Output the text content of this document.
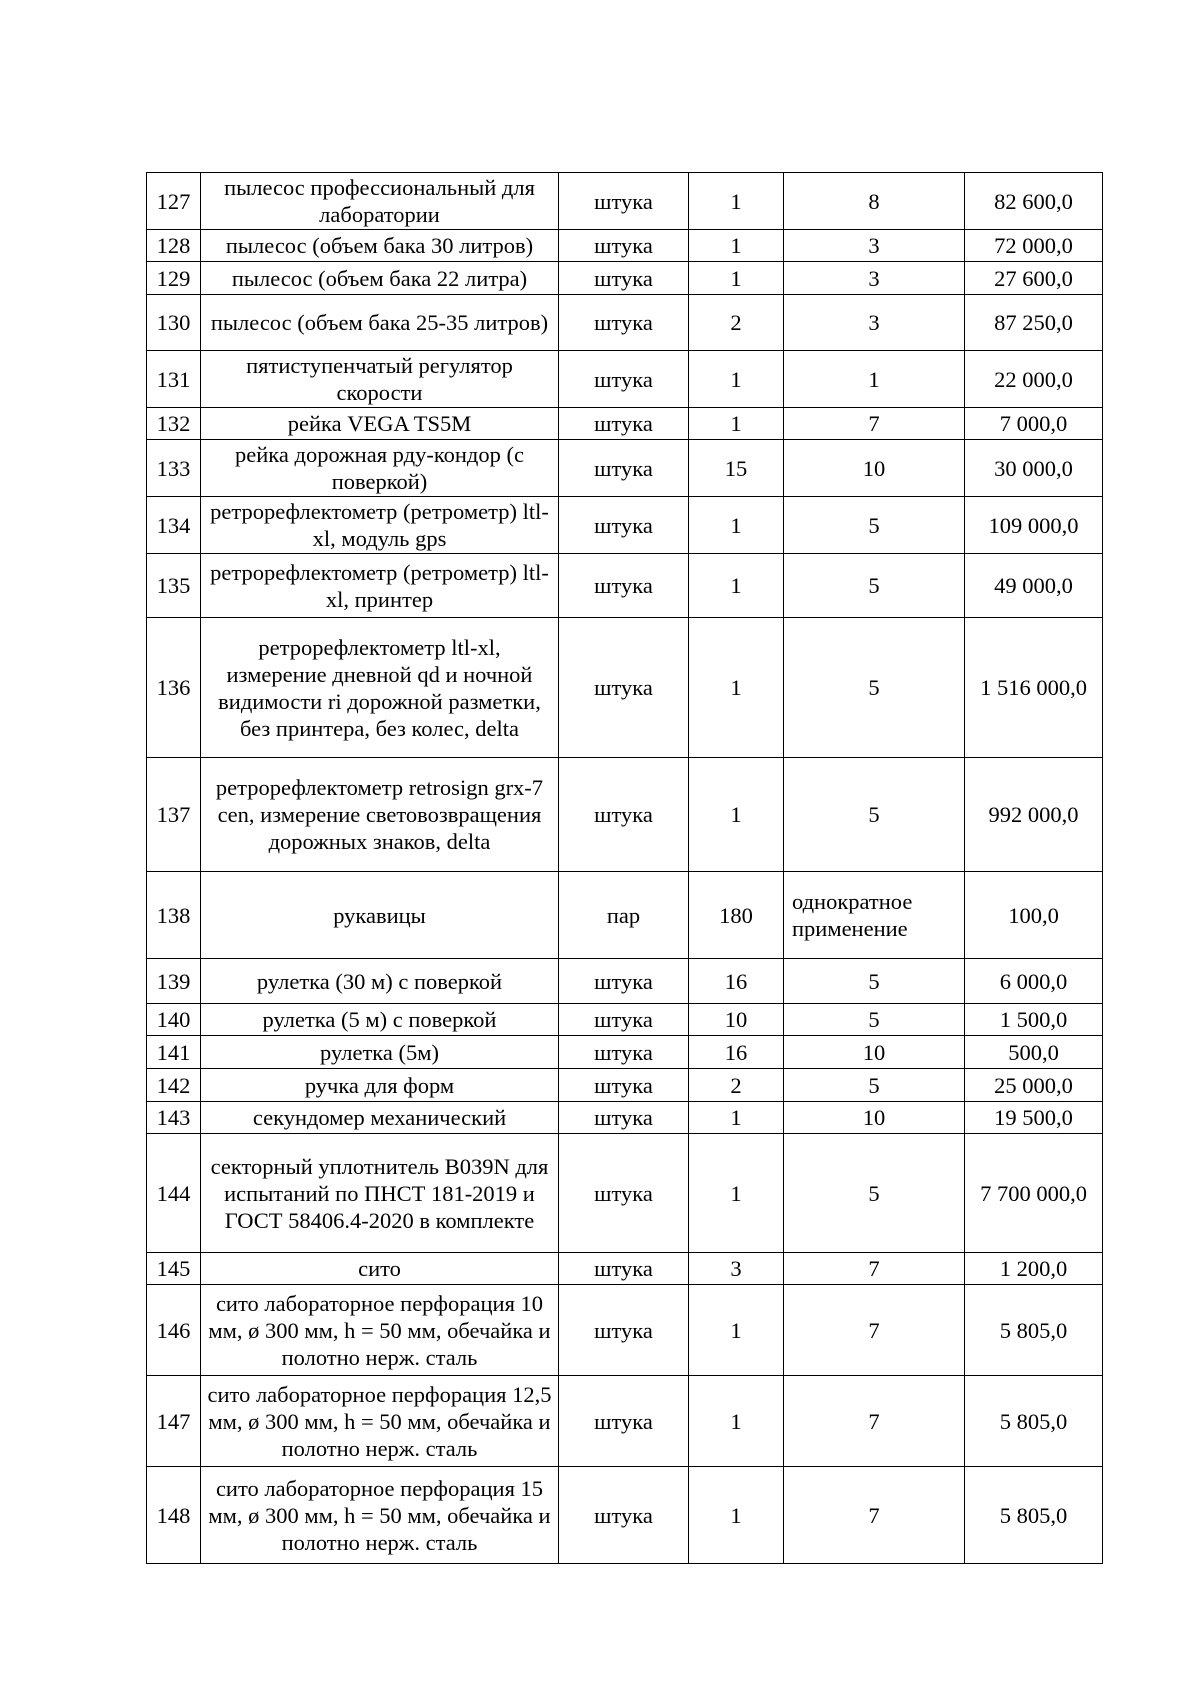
127	пылесос профессиональный для лаборатории	штука	1	8	82 600,0
128	пылесос (объем бака 30 литров)	штука	1	3	72 000,0
129	пылесос (объем бака 22 литра)	штука	1	3	27 600,0
130	пылесос (объем бака 25-35 литров)	штука	2	3	87 250,0
131	пятиступенчатый регулятор скорости	штука	1	1	22 000,0
132	рейка VEGA TS5M	штука	1	7	7 000,0
133	рейка дорожная рду-кондор (с поверкой)	штука	15	10	30 000,0
134	ретрорефлектометр (ретрометр) ltl-xl, модуль gps	штука	1	5	109 000,0
135	ретрорефлектометр (ретрометр) ltl-xl, принтер	штука	1	5	49 000,0
136	ретрорефлектометр ltl-xl, измерение дневной qd и ночной видимости ri дорожной разметки, без принтера, без колес, delta	штука	1	5	1 516 000,0
137	ретрорефлектометр retrosign grx-7 cen, измерение световозвращения дорожных знаков, delta	штука	1	5	992 000,0
138	рукавицы	пар	180	однократное применение	100,0
139	рулетка (30 м) с поверкой	штука	16	5	6 000,0
140	рулетка (5 м) с поверкой	штука	10	5	1 500,0
141	рулетка (5м)	штука	16	10	500,0
142	ручка для форм	штука	2	5	25 000,0
143	секундомер механический	штука	1	10	19 500,0
144	секторный уплотнитель B039N для испытаний по ПНСТ 181-2019 и ГОСТ 58406.4-2020 в комплекте	штука	1	5	7 700 000,0
145	сито	штука	3	7	1 200,0
146	сито лабораторное перфорация 10 мм, ø 300 мм, h = 50 мм, обечайка и полотно нерж. сталь	штука	1	7	5 805,0
147	сито лабораторное перфорация 12,5 мм, ø 300 мм, h = 50 мм, обечайка и полотно нерж. сталь	штука	1	7	5 805,0
148	сито лабораторное перфорация 15 мм, ø 300 мм, h = 50 мм, обечайка и полотно нерж. сталь	штука	1	7	5 805,0
